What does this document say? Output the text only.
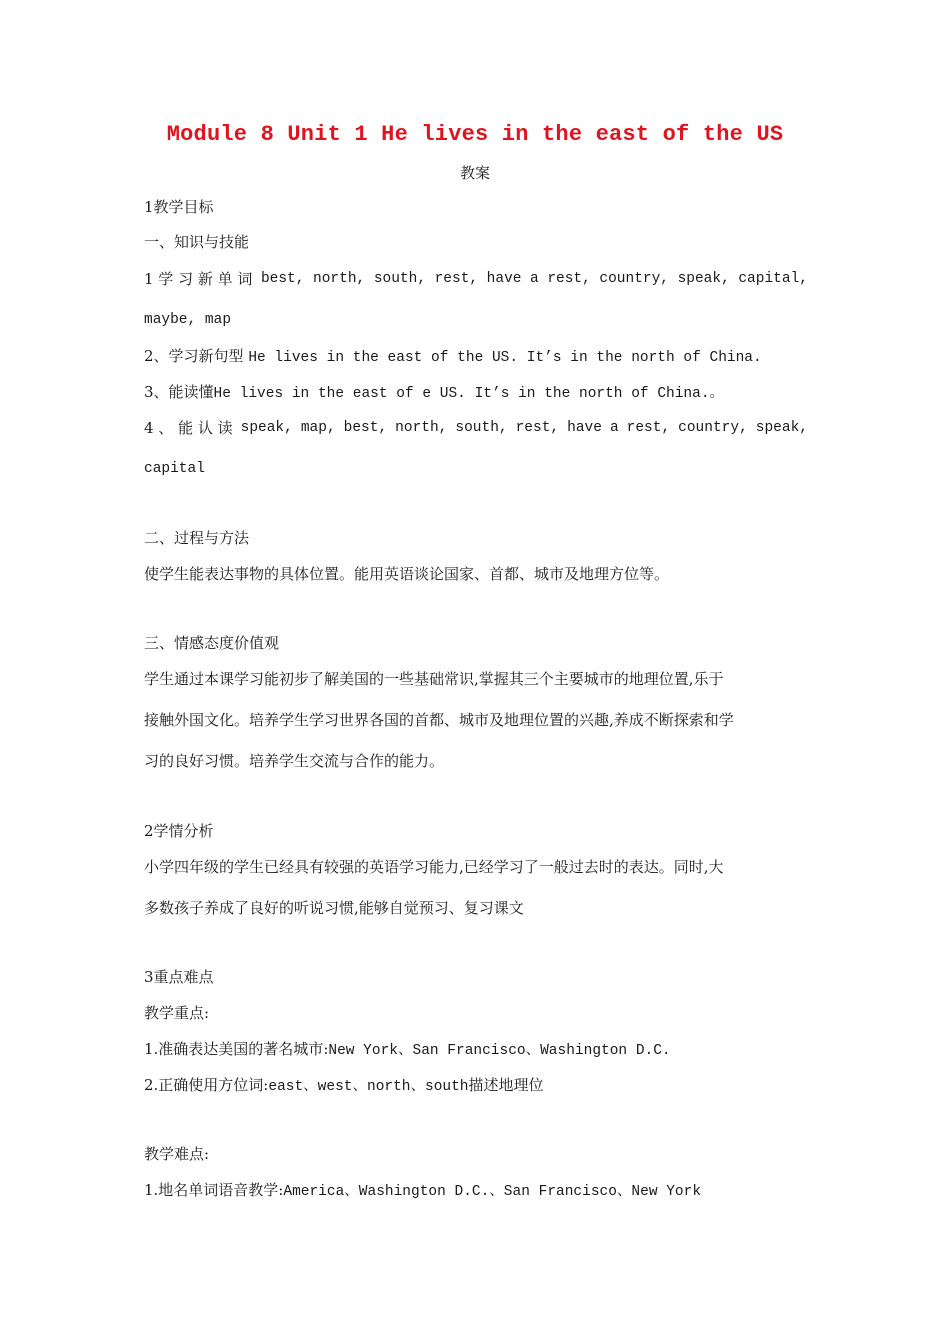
Module 8 Unit 1 He lives in the east of the US
教案
1教学目标
一、知识与技能
1 学 习 新 单 词 best, north, south, rest, have a rest, country, speak, capital,
maybe, map
2、学习新句型 He lives in the east of the US. It’s in the north of China.
3、能读懂He lives in the east of e US. It’s in the north of China.。
4 、 能 认 读 speak, map, best, north, south, rest, have a rest, country, speak,
capital
二、过程与方法
使学生能表达事物的具体位置。能用英语谈论国家、首都、城市及地理方位等。
三、情感态度价值观
学生通过本课学习能初步了解美国的一些基础常识,掌握其三个主要城市的地理位置,乐于
接触外国文化。培养学生学习世界各国的首都、城市及地理位置的兴趣,养成不断探索和学
习的良好习惯。培养学生交流与合作的能力。
2学情分析
小学四年级的学生已经具有较强的英语学习能力,已经学习了一般过去时的表达。同时,大
多数孩子养成了良好的听说习惯,能够自觉预习、复习课文
3重点难点
教学重点:
1.准确表达美国的著名城市:New York、San Francisco、Washington D.C.
2.正确使用方位词:east、west、north、south描述地理位
教学难点:
1.地名单词语音教学:America、Washington D.C.、San Francisco、New York
